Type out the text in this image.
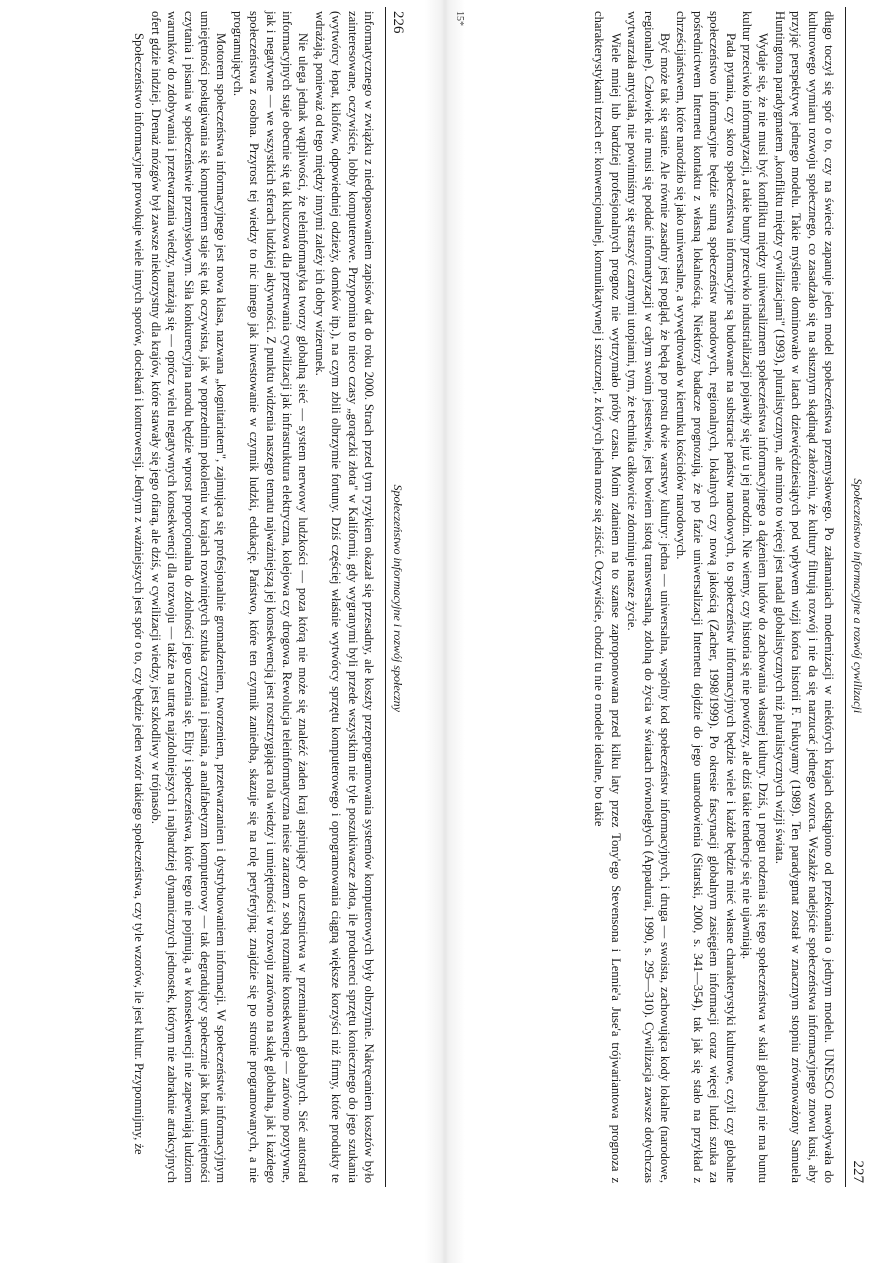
226
Społeczeństwo informacyjne i rozwój społeczny

informatycznego w związku z niedopasowaniem zapisów dat do roku 2000. Strach przed tym ryzykiem okazał się przesadny, ale koszty przeprogramowania systemów komputerowych były olbrzymie. Nakręcaniem kosztów było zainteresowane, oczywiście, lobby komputerowe. Przypomina to nieco czasy „gorączki złota" w Kalifornii, gdy wygranymi byli przede wszystkim nie tyle poszukiwacze złota, ile producenci sprzętu koniecznego do jego szukania (wytwórcy łopat, kilofów, odpowiedniej odzieży, domków itp.), na czym zbili olbrzymie fortuny. Dziś częściej właśnie wytwórcy sprzętu komputerowego i oprogramowania ciągną większe korzyści niż firmy, które produkty te wdrażają, ponieważ od tego między innymi zależy ich dobry wizerunek.

Nie ulega jednak wątpliwości, że teleinformatyka tworzy globalną sieć — system nerwowy ludzkości — poza którą nie może się znaleźć żaden kraj aspirujący do uczestnictwa w przemianach globalnych. Sieć autostrad informacyjnych staje obecnie się tak kluczowa dla przetrwania cywilizacji jak infrastruktura elektryczna, kolejowa czy drogowa. Rewolucja teleinformatyczna niesie zarazem z sobą rozmaite konsekwencje — zarówno pozytywne, jak i negatywne — we wszystkich sferach ludzkiej aktywności. Z punktu widzenia naszego tematu najważniejszą jej konsekwencją jest rozstrzygająca rola wiedzy i umiejętności w rozwoju zarówno na skalę globalną, jak i każdego społeczeństwa z osobna. Przyrost tej wiedzy to nic innego jak inwestowanie w czynnik ludzki, edukację. Państwo, które ten czynnik zaniedba, skazuje się na rolę peryferyjną; znajdzie się po stronie programowanych, a nie programujących.

Motorem społeczeństwa informacyjnego jest nowa klasa, nazwana „kognitariatem", zajmująca się profesjonalnie gromadzeniem, tworzeniem, przetwarzaniem i dystrybuowaniem informacji. W społeczeństwie informacyjnym umiejętności posługiwania się komputerem staje się tak oczywista, jak w poprzednim pokoleniu w krajach rozwiniętych sztuka czytania i pisania, a analfabetyzm komputerowy — tak degradujący społecznie jak brak umiejętności czytania i pisania w społeczeństwie przemysłowym. Siła konkurencyjna narodu będzie wprost proporcjonalna do zdolności jego uczenia się. Elity i społeczeństwa, które tego nie pojmują, a w konsekwencji nie zapewniają ludziom warunków do zdobywania i przetwarzania wiedzy, narażają się — oprócz wielu negatywnych konsekwencji dla rozwoju — także na utratę najzdolniejszych i najbardziej dynamicznych jednostek, którym nie zabraknie atrakcyjnych ofert gdzie indziej. Drenaż mózgów był zawsze niekorzystny dla krajów, które stawały się jego ofiarą, ale dziś, w cywilizacji wiedzy, jest szkodliwy w trójnasób.

Społeczeństwo informacyjne prowokuje wiele innych sporów, dociekań i kontrowersji. Jednym z ważniejszych jest spór o to, czy będzie jeden wzór takiego społeczeństwa, czy tyle wzorów, ile jest kultur. Przypomnijmy, że	Społeczeństwo informacyjne a rozwój cywilizacji
227

długo toczył się spór o to, czy na świecie zapanuje jeden model społeczeństwa przemysłowego. Po załamaniach modernizacji w niektórych krajach odstąpiono od przekonania o jednym modelu. UNESCO nawoływała do kulturowego wymiaru rozwoju społecznego, co zasadzało się na słusznym skądinąd założeniu, że kultury filtrują rozwój i nie da się narzucać jednego wzorca. Wszakże nadejście społeczeństwa informacyjnego znowu kusi, aby przyjąć perspektywę jednego modelu. Takie myślenie dominowało w latach dziewięćdziesiątych pod wpływem wizji końca historii F. Fukuyamy (1989). Ten paradygmat został w znacznym stopniu zrównoważony Samuela Huntingtona paradygmatem „konfliktu między cywilizacjami" (1993), pluralistycznym, ale mimo to więcej jest nadal globalistycznych niż pluralistycznych wizji świata.

Wydaje się, że nie musi być konfliktu między uniwersalizmem społeczeństwa informacyjnego a dążeniem ludów do zachowania własnej kultury. Dziś, u progu rodzenia się tego społeczeństwa w skali globalnej nie ma buntu kultur przeciwko informatyzacji, a takie bunty przeciwko industrializacji pojawiły się już u jej narodzin. Nie wiemy, czy historia się nie powtórzy, ale dziś takie tendencje się nie ujawniają.

Pada pytania, czy skoro społeczeństwa informacyjne są budowane na substracie państw narodowych, to społeczeństw informacyjnych będzie wiele i każde będzie mieć własne charakterystyki kulturowe, czyli czy globalne społeczeństwo informacyjne będzie sumą społeczeństw narodowych, regionalnych, lokalnych czy nową jakością (Zacher, 1998/1999). Po okresie fascynacji globalnym zasięgiem informacji coraz więcej ludzi szuka za pośrednictwem Internetu kontaktu z własną lokalnością. Niektórzy badacze prognozują, że po fazie uniwersalizacji Internetu dojdzie do jego unarodowienia (Sitarski, 2000, s. 341—354), tak jak się stało na przykład z chrześcijaństwem, które narodziło się jako uniwersalne, a wywędrowało w kierunku kościołów narodowych.

Być może tak się stanie. Ale równie zasadny jest pogląd, że będą po prostu dwie warstwy kultury: jedna — uniwersalna, wspólny kod społeczeństw informacyjnych, i druga — swoista, zachowująca kody lokalne (narodowe, regionalne). Człowiek nie musi się poddać informatyzacji w całym swoim jestestwie, jest bowiem istotą transwersalną, zdolną do życia w światach równoległych (Appadurai, 1990, s. 295—310). Cywilizacja zawsze dotychczas wytwarzała antyciała, nie powinniśmy się straszyć czarnymi utopiami, tym, że technika całkowicie zdominuje nasze życie.

Wiele mniej lub bardziej profesjonalnych prognoz nie wytrzymało próby czasu. Moim zdaniem na to szanse zaproponowana przed kilku laty przez Tony'ego Stevensona i Lennie'a Juse'a trójwariantowa prognoza z charakterystykami trzech er: konwencjonalnej, komunikatywnej i sztucznej, z których jedna może się ziścić. Oczywiście, chodzi tu nie o modele idealne, bo takie

15*
